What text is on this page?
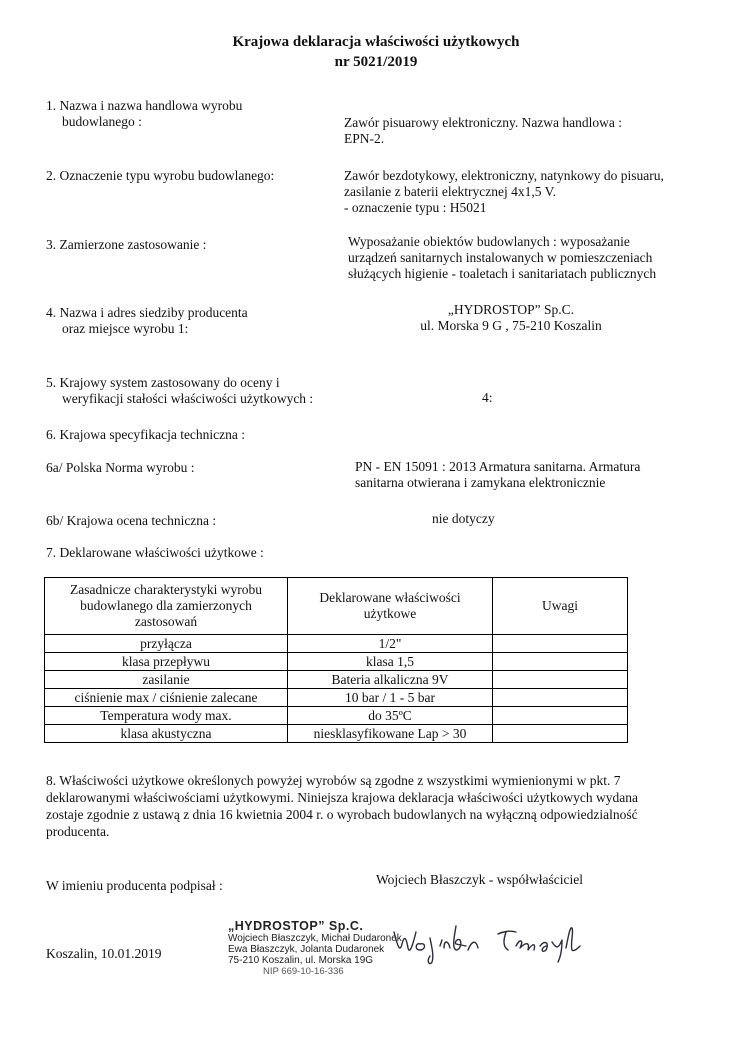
Krajowa deklaracja właściwości użytkowych
nr 5021/2019
1. Nazwa i nazwa handlowa wyrobu
budowlanego :	Zawór pisuarowy elektroniczny. Nazwa handlowa :
EPN-2.
2. Oznaczenie typu wyrobu budowlanego:	Zawór bezdotykowy, elektroniczny, natynkowy do pisuaru,
zasilanie z baterii elektrycznej 4x1,5 V.
- oznaczenie typu : H5021
3. Zamierzone zastosowanie :	Wyposażanie obiektów budowlanych : wyposażanie
urządzeń sanitarnych instalowanych w pomieszczeniach
służących higienie - toaletach i sanitariatach publicznych
4. Nazwa i adres siedziby producenta
oraz miejsce wyrobu 1:
„HYDROSTOP” Sp.C.
ul. Morska 9 G , 75-210 Koszalin
5. Krajowy system zastosowany do oceny i
weryfikacji stałości właściwości użytkowych :	4:
6. Krajowa specyfikacja techniczna :
6a/ Polska Norma wyrobu :	PN - EN 15091 : 2013 Armatura sanitarna. Armatura
sanitarna otwierana i zamykana elektronicznie
6b/ Krajowa ocena techniczna :	nie dotyczy
7. Deklarowane właściwości użytkowe :
Zasadnicze charakterystyki wyrobu budowlanego dla zamierzonych zastosowań	Deklarowane właściwości użytkowe	Uwagi
przyłącza	1/2"	
klasa przepływu	klasa 1,5	
zasilanie	Bateria alkaliczna 9V	
ciśnienie max / ciśnienie zalecane	10 bar / 1 - 5 bar	
Temperatura wody max.	do 35ºC	
klasa akustyczna	niesklasyfikowane Lap > 30	
8. Właściwości użytkowe określonych powyżej wyrobów są zgodne z wszystkimi wymienionymi w pkt. 7
deklarowanymi właściwościami użytkowymi. Niniejsza krajowa deklaracja właściwości użytkowych wydana
zostaje zgodnie z ustawą z dnia 16 kwietnia 2004 r. o wyrobach budowlanych na wyłączną odpowiedzialność
producenta.
W imieniu producenta podpisał :	Wojciech Błaszczyk - współwłaściciel
Koszalin, 10.01.2019
„HYDROSTOP” Sp.C.
Wojciech Błaszczyk, Michał Dudaronek
Ewa Błaszczyk, Jolanta Dudaronek
75-210 Koszalin, ul. Morska 19G
NIP 669-10-16-336
